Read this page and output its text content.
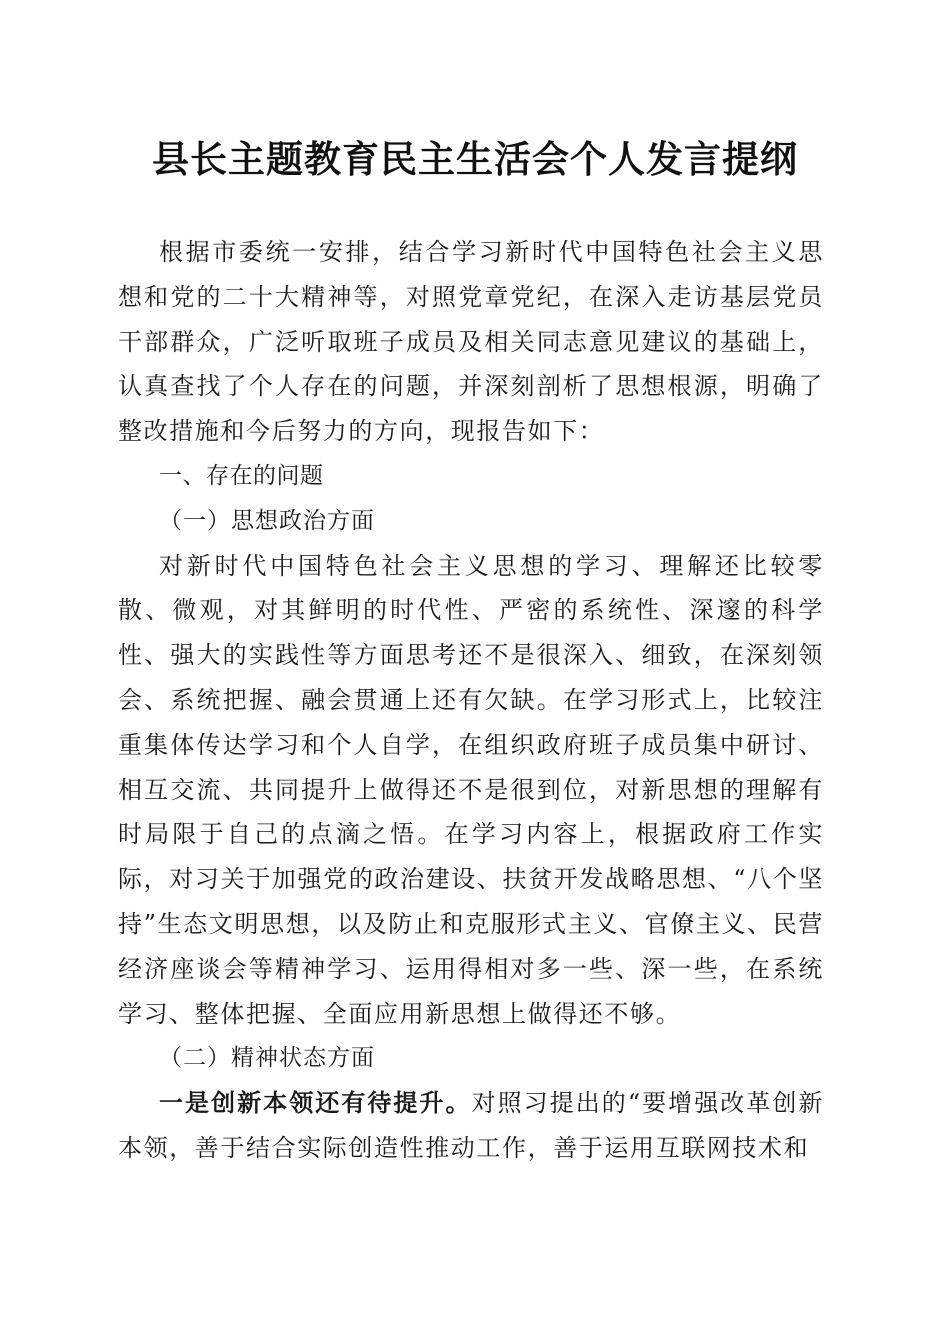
县长主题教育民主生活会个人发言提纲

根据市委统一安排，结合学习新时代中国特色社会主义思想和党的二十大精神等，对照党章党纪，在深入走访基层党员干部群众，广泛听取班子成员及相关同志意见建议的基础上，认真查找了个人存在的问题，并深刻剖析了思想根源，明确了整改措施和今后努力的方向，现报告如下：

一、存在的问题

（一）思想政治方面

对新时代中国特色社会主义思想的学习、理解还比较零散、微观，对其鲜明的时代性、严密的系统性、深邃的科学性、强大的实践性等方面思考还不是很深入、细致，在深刻领会、系统把握、融会贯通上还有欠缺。在学习形式上，比较注重集体传达学习和个人自学，在组织政府班子成员集中研讨、相互交流、共同提升上做得还不是很到位，对新思想的理解有时局限于自己的点滴之悟。在学习内容上，根据政府工作实际，对习关于加强党的政治建设、扶贫开发战略思想、“八个坚持”生态文明思想，以及防止和克服形式主义、官僚主义、民营经济座谈会等精神学习、运用得相对多一些、深一些，在系统学习、整体把握、全面应用新思想上做得还不够。

（二）精神状态方面

一是创新本领还有待提升。对照习提出的“要增强改革创新本领，善于结合实际创造性推动工作，善于运用互联网技术和
